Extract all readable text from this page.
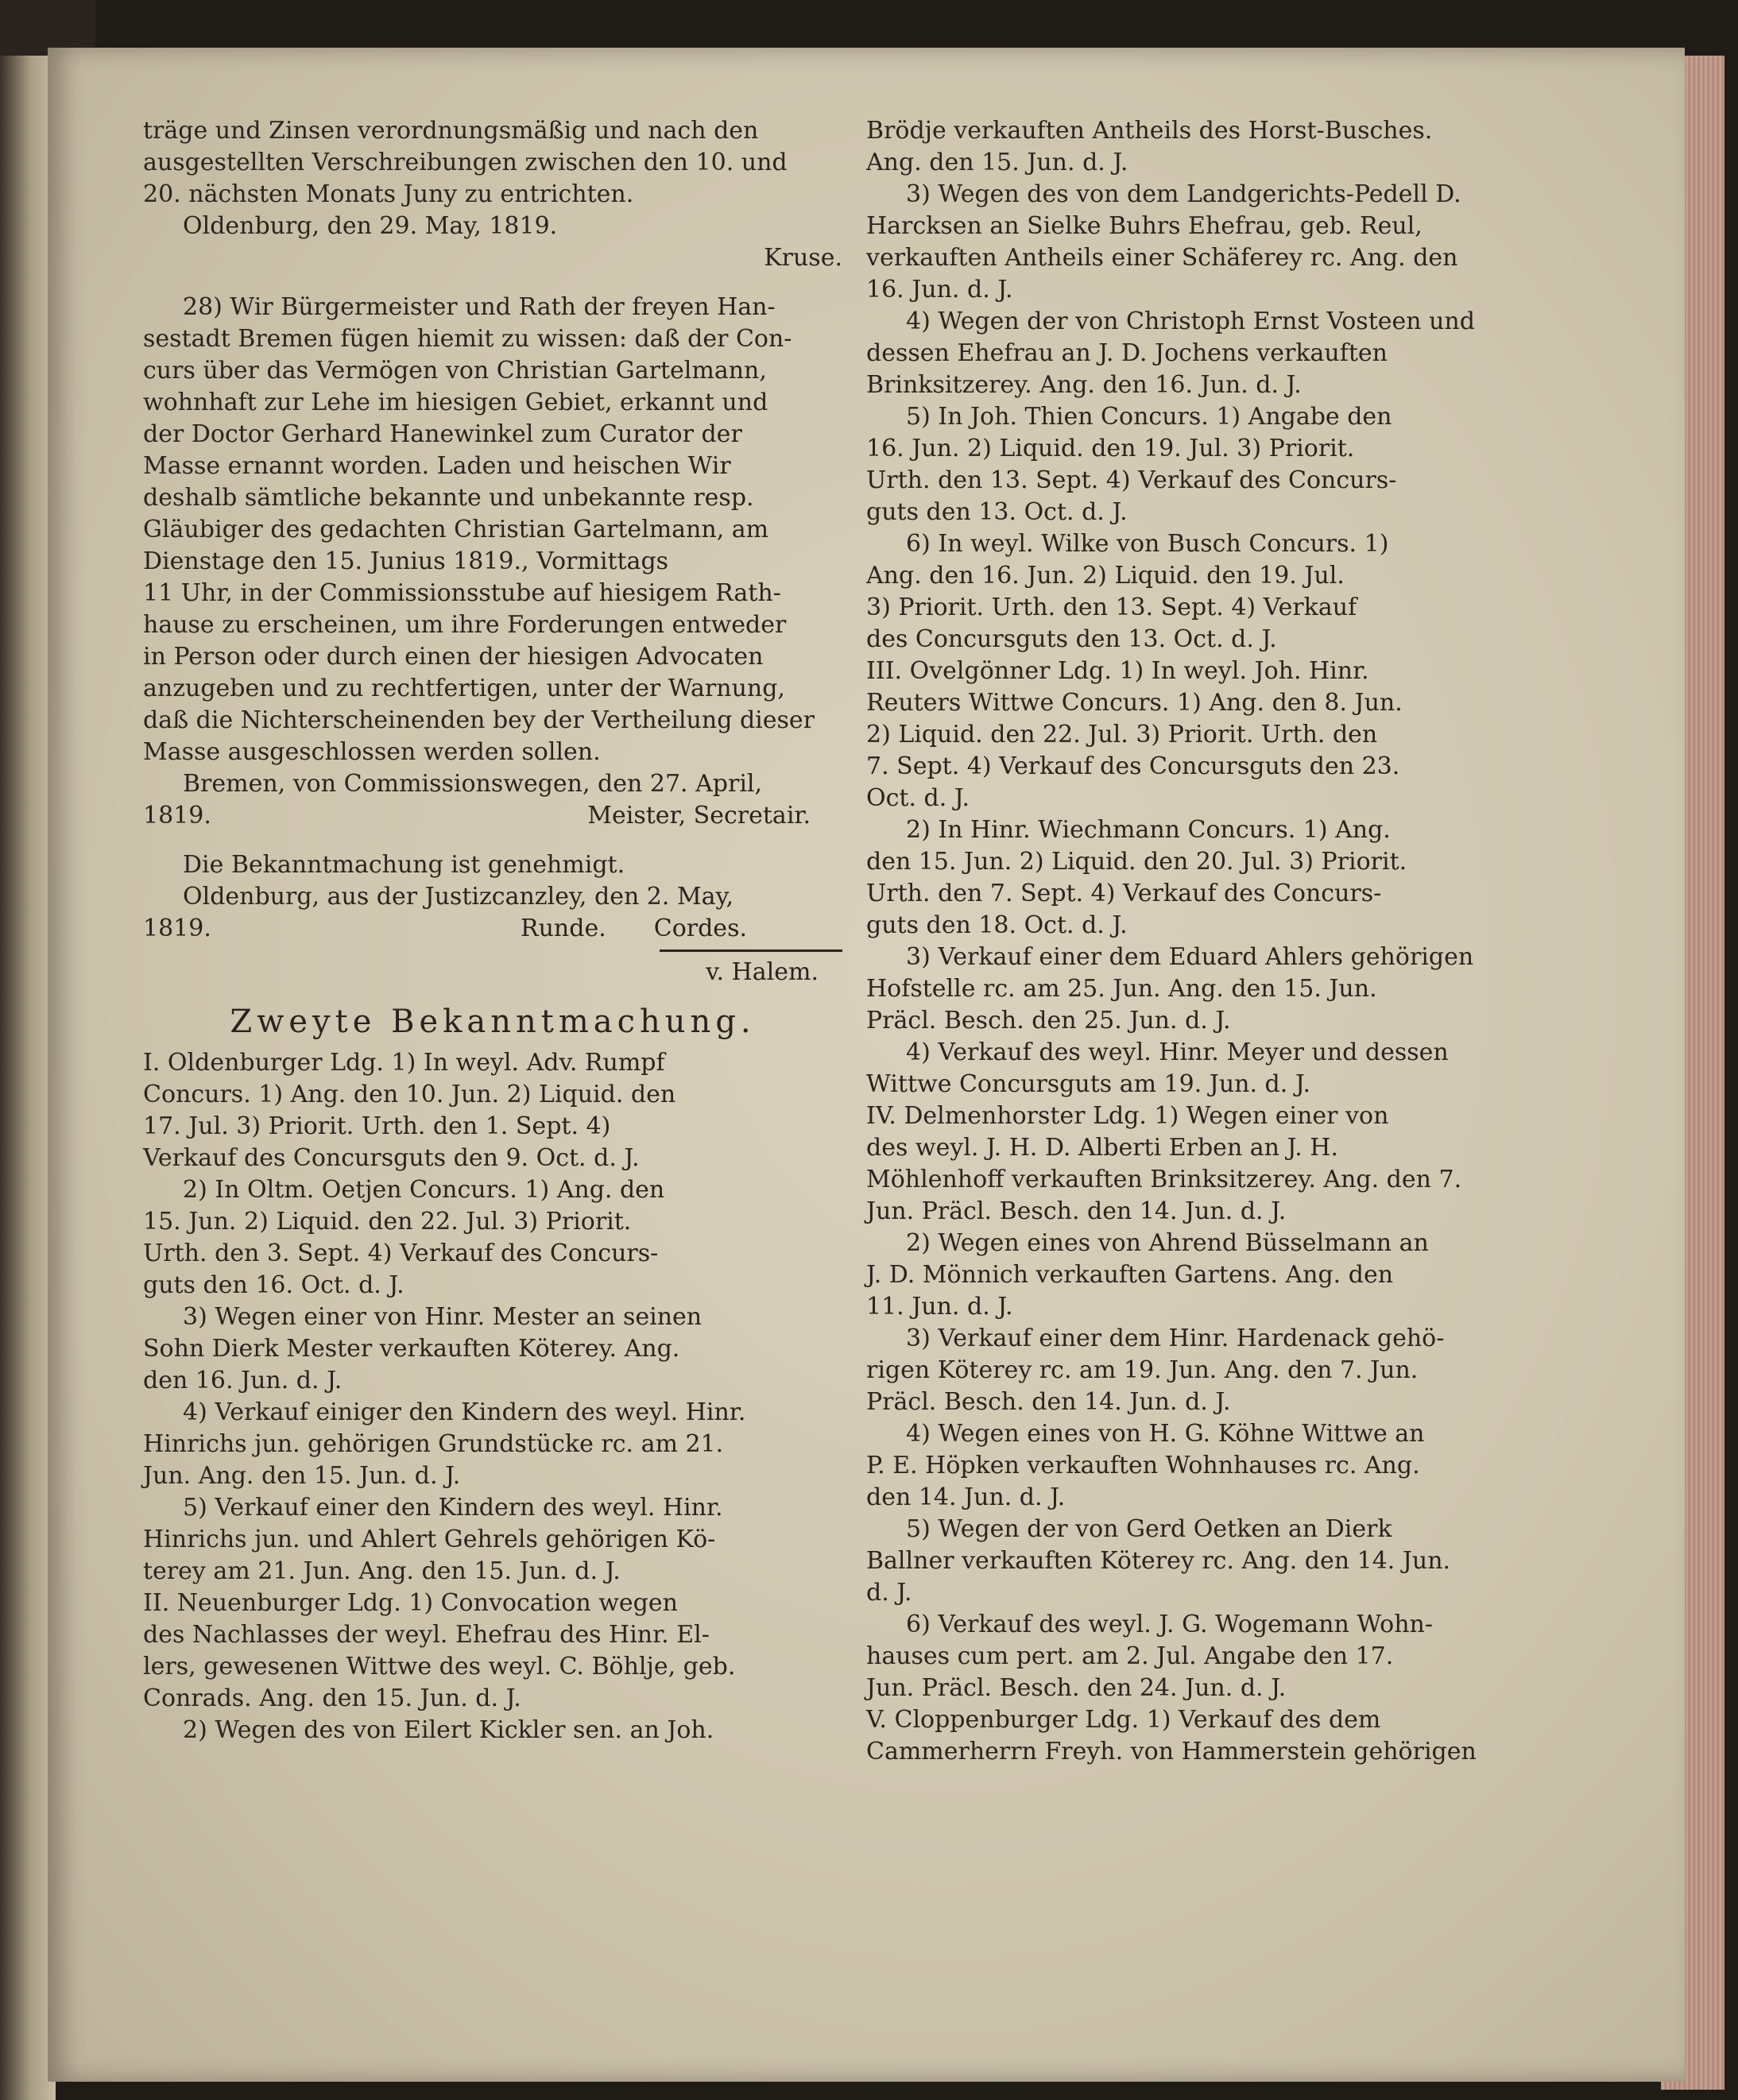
träge und Zinsen verordnungsmäßig und nach den
ausgestellten Verschreibungen zwischen den 10. und
20. nächsten Monats Juny zu entrichten.
Oldenburg, den 29. May, 1819.
Kruse.
28) Wir Bürgermeister und Rath der freyen Han-
sestadt Bremen fügen hiemit zu wissen: daß der Con-
curs über das Vermögen von Christian Gartelmann,
wohnhaft zur Lehe im hiesigen Gebiet, erkannt und
der Doctor Gerhard Hanewinkel zum Curator der
Masse ernannt worden. Laden und heischen Wir
deshalb sämtliche bekannte und unbekannte resp.
Gläubiger des gedachten Christian Gartelmann, am
Dienstage den 15. Junius 1819., Vormittags
11 Uhr, in der Commissionsstube auf hiesigem Rath-
hause zu erscheinen, um ihre Forderungen entweder
in Person oder durch einen der hiesigen Advocaten
anzugeben und zu rechtfertigen, unter der Warnung,
daß die Nichterscheinenden bey der Vertheilung dieser
Masse ausgeschlossen werden sollen.
Bremen, von Commissionswegen, den 27. April,
1819.	Meister, Secretair.
Die Bekanntmachung ist genehmigt.
Oldenburg, aus der Justizcanzley, den 2. May,
1819.	Runde. Cordes.
v. Halem.
Zweyte Bekanntmachung.
I. Oldenburger Ldg. 1) In weyl. Adv. Rumpf
Concurs. 1) Ang. den 10. Jun. 2) Liquid. den
17. Jul. 3) Priorit. Urth. den 1. Sept. 4)
Verkauf des Concursguts den 9. Oct. d. J.
2) In Oltm. Oetjen Concurs. 1) Ang. den
15. Jun. 2) Liquid. den 22. Jul. 3) Priorit.
Urth. den 3. Sept. 4) Verkauf des Concurs-
guts den 16. Oct. d. J.
3) Wegen einer von Hinr. Mester an seinen
Sohn Dierk Mester verkauften Köterey. Ang.
den 16. Jun. d. J.
4) Verkauf einiger den Kindern des weyl. Hinr.
Hinrichs jun. gehörigen Grundstücke rc. am 21.
Jun. Ang. den 15. Jun. d. J.
5) Verkauf einer den Kindern des weyl. Hinr.
Hinrichs jun. und Ahlert Gehrels gehörigen Kö-
terey am 21. Jun. Ang. den 15. Jun. d. J.
II. Neuenburger Ldg. 1) Convocation wegen
des Nachlasses der weyl. Ehefrau des Hinr. El-
lers, gewesenen Wittwe des weyl. C. Böhlje, geb.
Conrads. Ang. den 15. Jun. d. J.
2) Wegen des von Eilert Kickler sen. an Joh.
Brödje verkauften Antheils des Horst-Busches.
Ang. den 15. Jun. d. J.
3) Wegen des von dem Landgerichts-Pedell D.
Harcksen an Sielke Buhrs Ehefrau, geb. Reul,
verkauften Antheils einer Schäferey rc. Ang. den
16. Jun. d. J.
4) Wegen der von Christoph Ernst Vosteen und
dessen Ehefrau an J. D. Jochens verkauften
Brinksitzerey. Ang. den 16. Jun. d. J.
5) In Joh. Thien Concurs. 1) Angabe den
16. Jun. 2) Liquid. den 19. Jul. 3) Priorit.
Urth. den 13. Sept. 4) Verkauf des Concurs-
guts den 13. Oct. d. J.
6) In weyl. Wilke von Busch Concurs. 1)
Ang. den 16. Jun. 2) Liquid. den 19. Jul.
3) Priorit. Urth. den 13. Sept. 4) Verkauf
des Concursguts den 13. Oct. d. J.
III. Ovelgönner Ldg. 1) In weyl. Joh. Hinr.
Reuters Wittwe Concurs. 1) Ang. den 8. Jun.
2) Liquid. den 22. Jul. 3) Priorit. Urth. den
7. Sept. 4) Verkauf des Concursguts den 23.
Oct. d. J.
2) In Hinr. Wiechmann Concurs. 1) Ang.
den 15. Jun. 2) Liquid. den 20. Jul. 3) Priorit.
Urth. den 7. Sept. 4) Verkauf des Concurs-
guts den 18. Oct. d. J.
3) Verkauf einer dem Eduard Ahlers gehörigen
Hofstelle rc. am 25. Jun. Ang. den 15. Jun.
Präcl. Besch. den 25. Jun. d. J.
4) Verkauf des weyl. Hinr. Meyer und dessen
Wittwe Concursguts am 19. Jun. d. J.
IV. Delmenhorster Ldg. 1) Wegen einer von
des weyl. J. H. D. Alberti Erben an J. H.
Möhlenhoff verkauften Brinksitzerey. Ang. den 7.
Jun. Präcl. Besch. den 14. Jun. d. J.
2) Wegen eines von Ahrend Büsselmann an
J. D. Mönnich verkauften Gartens. Ang. den
11. Jun. d. J.
3) Verkauf einer dem Hinr. Hardenack gehö-
rigen Köterey rc. am 19. Jun. Ang. den 7. Jun.
Präcl. Besch. den 14. Jun. d. J.
4) Wegen eines von H. G. Köhne Wittwe an
P. E. Höpken verkauften Wohnhauses rc. Ang.
den 14. Jun. d. J.
5) Wegen der von Gerd Oetken an Dierk
Ballner verkauften Köterey rc. Ang. den 14. Jun.
d. J.
6) Verkauf des weyl. J. G. Wogemann Wohn-
hauses cum pert. am 2. Jul. Angabe den 17.
Jun. Präcl. Besch. den 24. Jun. d. J.
V. Cloppenburger Ldg. 1) Verkauf des dem
Cammerherrn Freyh. von Hammerstein gehörigen
